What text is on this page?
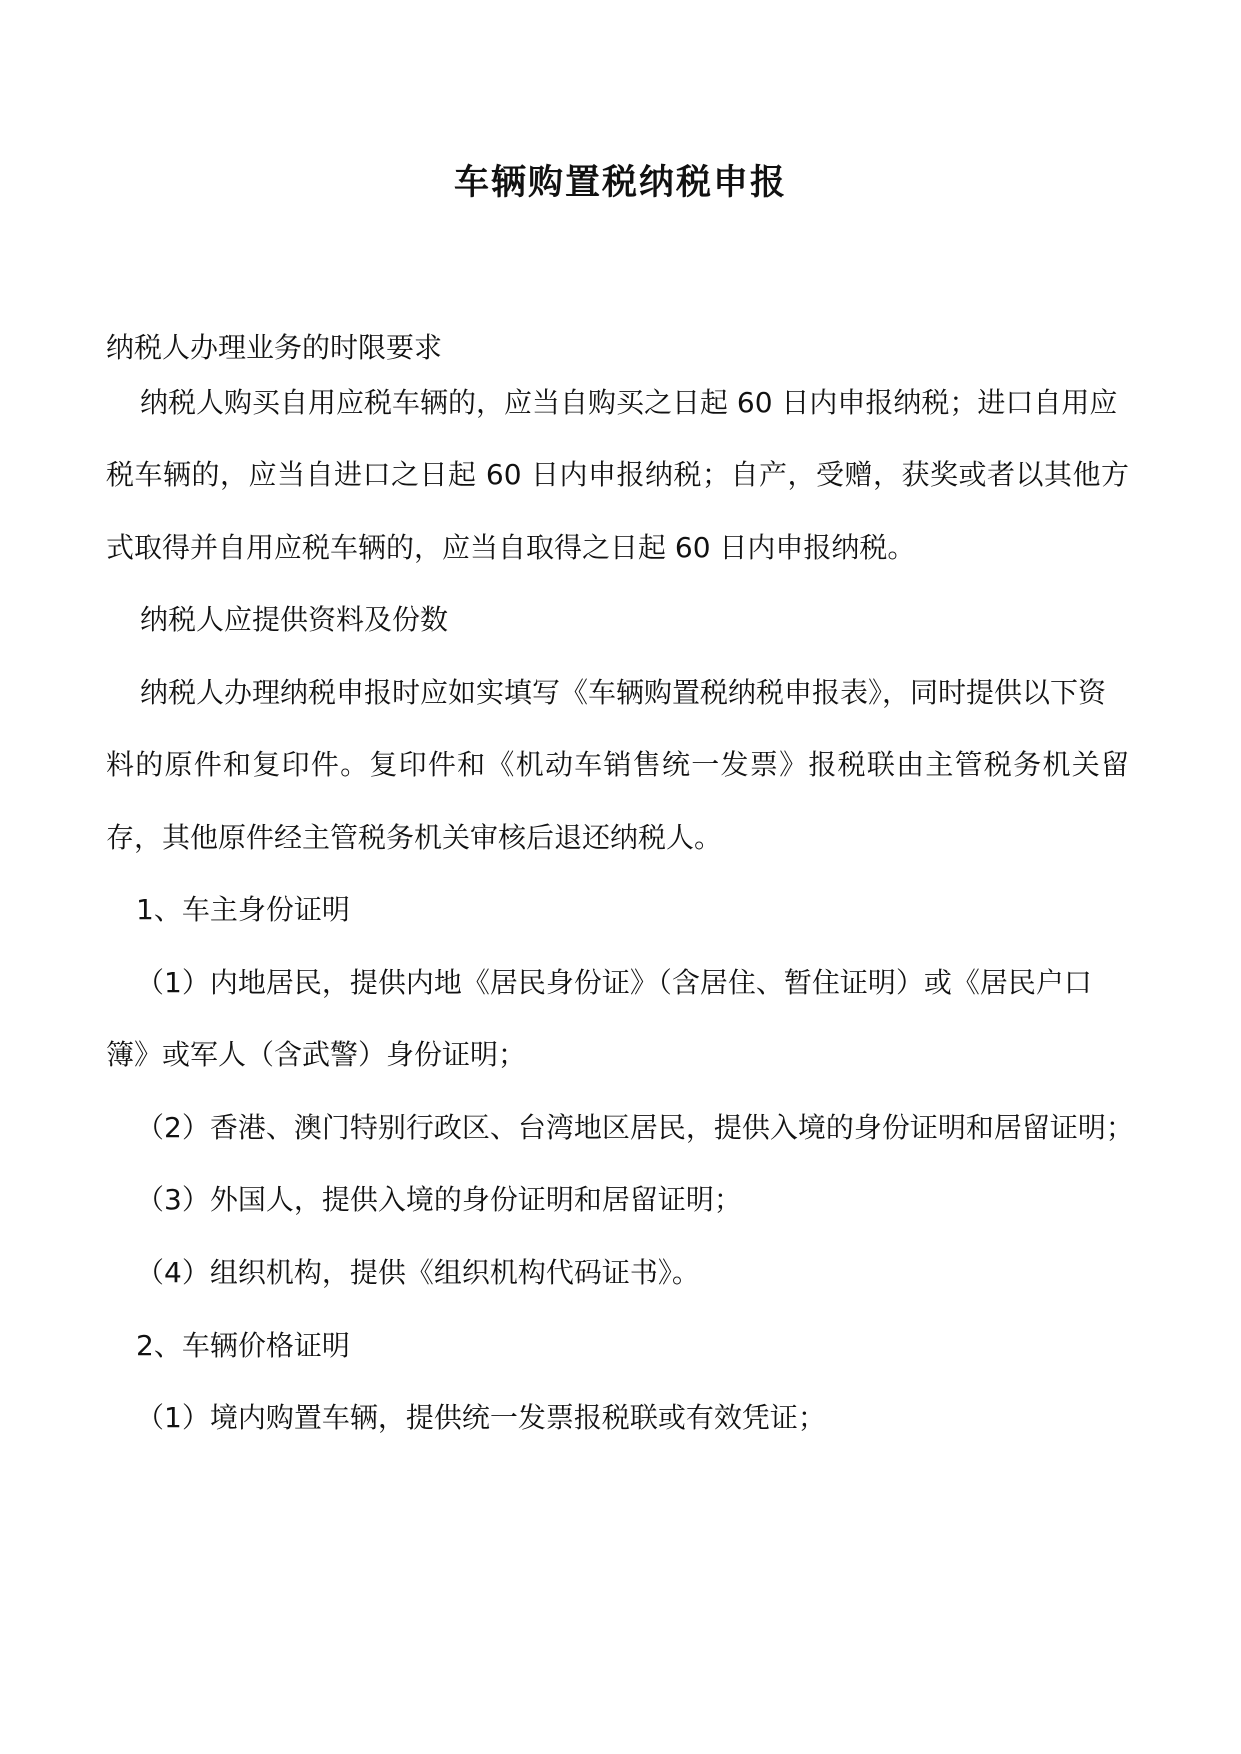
车辆购置税纳税申报
纳税人办理业务的时限要求
纳税人购买自用应税车辆的，应当自购买之日起 60 日内申报纳税；进口自用应
税车辆的，应当自进口之日起 60 日内申报纳税；自产，受赠，获奖或者以其他方
式取得并自用应税车辆的，应当自取得之日起 60 日内申报纳税。
纳税人应提供资料及份数
纳税人办理纳税申报时应如实填写《车辆购置税纳税申报表》，同时提供以下资
料的原件和复印件。复印件和《机动车销售统一发票》报税联由主管税务机关留
存，其他原件经主管税务机关审核后退还纳税人。
1、车主身份证明
（1）内地居民，提供内地《居民身份证》（含居住、暂住证明）或《居民户口
簿》或军人（含武警）身份证明；
（2）香港、澳门特别行政区、台湾地区居民，提供入境的身份证明和居留证明；
（3）外国人，提供入境的身份证明和居留证明；
（4）组织机构，提供《组织机构代码证书》。
2、车辆价格证明
（1）境内购置车辆，提供统一发票报税联或有效凭证；
